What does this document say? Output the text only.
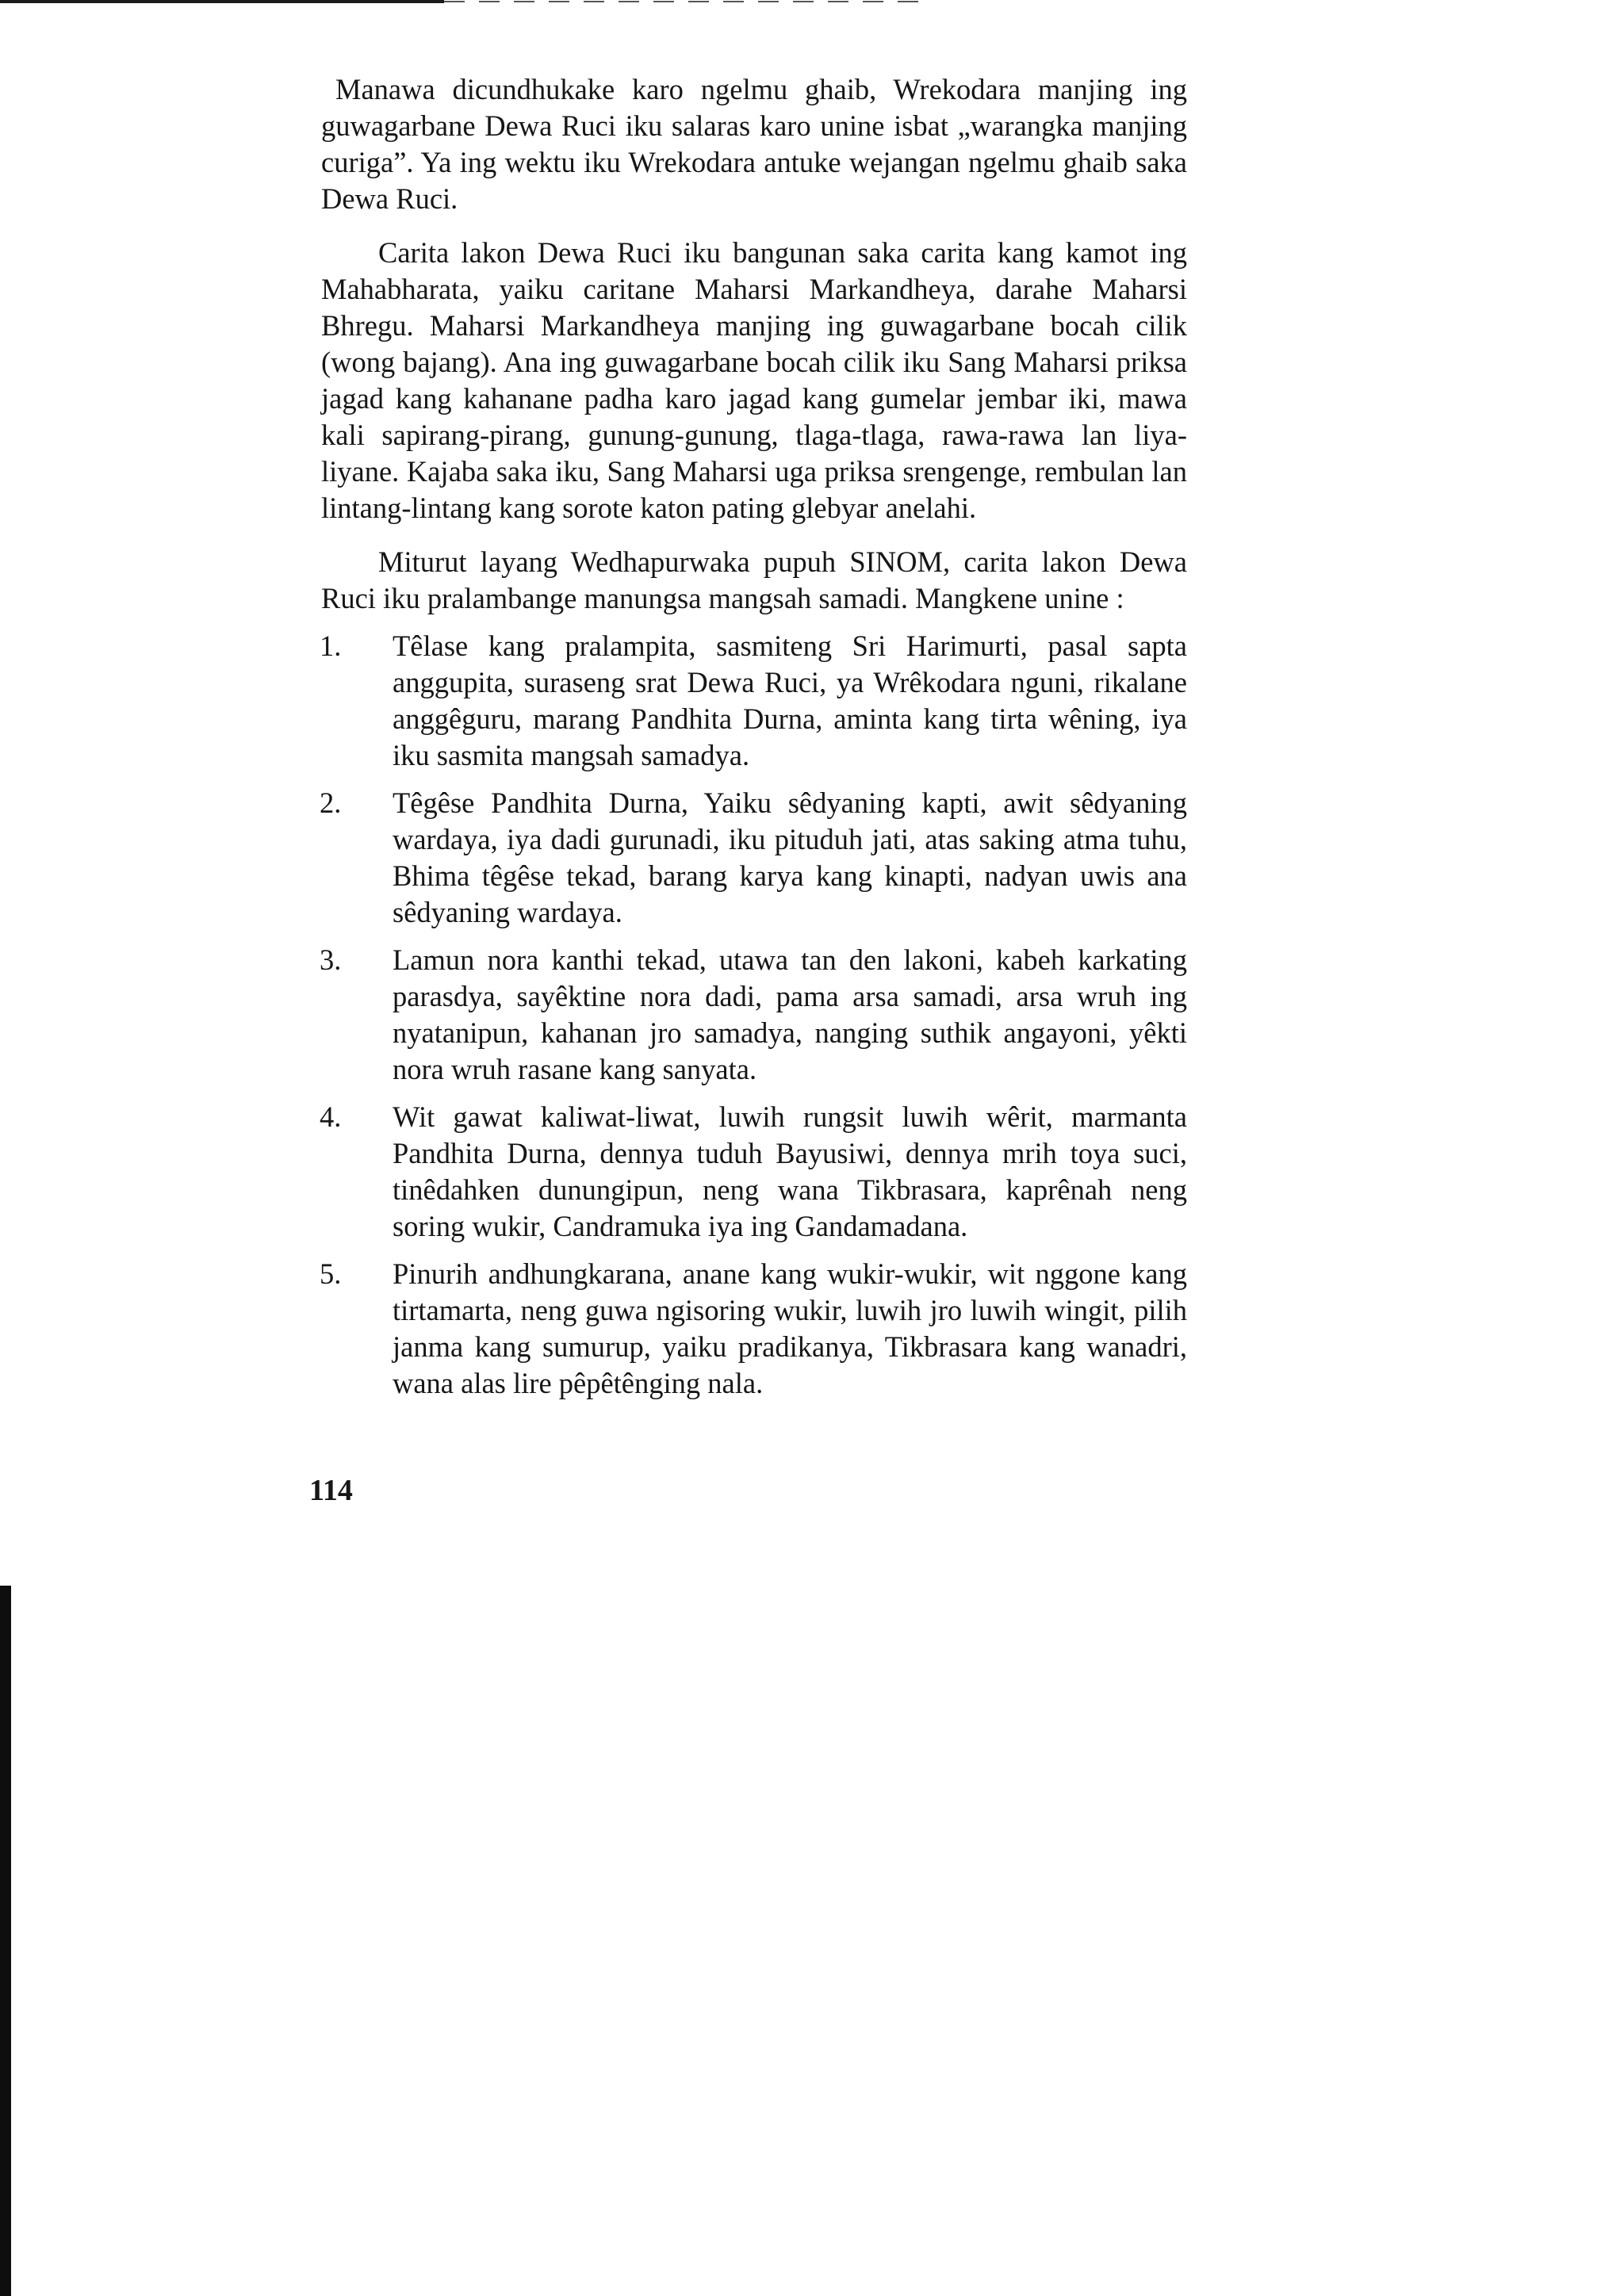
Manawa dicundhukake karo ngelmu ghaib, Wrekodara manjing ing guwagarbane Dewa Ruci iku salaras karo unine isbat „warangka manjing curiga”. Ya ing wektu iku Wrekodara antuke wejangan ngelmu ghaib saka Dewa Ruci.

Carita lakon Dewa Ruci iku bangunan saka carita kang kamot ing Mahabharata, yaiku caritane Maharsi Markandheya, darahe Maharsi Bhregu. Maharsi Markandheya manjing ing guwagarbane bocah cilik (wong bajang). Ana ing guwagarbane bocah cilik iku Sang Maharsi priksa jagad kang kahanane padha karo jagad kang gumelar jembar iki, mawa kali sapirang-pirang, gunung-gunung, tlaga-tlaga, rawa-rawa lan liya-liyane. Kajaba saka iku, Sang Maharsi uga priksa srengenge, rembulan lan lintang-lintang kang sorote katon pating glebyar anelahi.

Miturut layang Wedhapurwaka pupuh SINOM, carita lakon Dewa Ruci iku pralambange manungsa mangsah samadi. Mangkene unine :

1.	Têlase kang pralampita, sasmiteng Sri Harimurti, pasal sapta anggupita, suraseng srat Dewa Ruci, ya Wrêkodara nguni, rikalane anggêguru, marang Pandhita Durna, aminta kang tirta wêning, iya iku sasmita mangsah samadya.
2.	Têgêse Pandhita Durna, Yaiku sêdyaning kapti, awit sêdyaning wardaya, iya dadi gurunadi, iku pituduh jati, atas saking atma tuhu, Bhima têgêse tekad, barang karya kang kinapti, nadyan uwis ana sêdyaning wardaya.
3.	Lamun nora kanthi tekad, utawa tan den lakoni, kabeh karkating parasdya, sayêktine nora dadi, pama arsa samadi, arsa wruh ing nyatanipun, kahanan jro samadya, nanging suthik angayoni, yêkti nora wruh rasane kang sanyata.
4.	Wit gawat kaliwat-liwat, luwih rungsit luwih wêrit, marmanta Pandhita Durna, dennya tuduh Bayusiwi, dennya mrih toya suci, tinêdahken dunungipun, neng wana Tikbrasara, kaprênah neng soring wukir, Candramuka iya ing Gandamadana.
5.	Pinurih andhungkarana, anane kang wukir-wukir, wit nggone kang tirtamarta, neng guwa ngisoring wukir, luwih jro luwih wingit, pilih janma kang sumurup, yaiku pradikanya, Tikbrasara kang wanadri, wana alas lire pêpêtênging nala.
114
